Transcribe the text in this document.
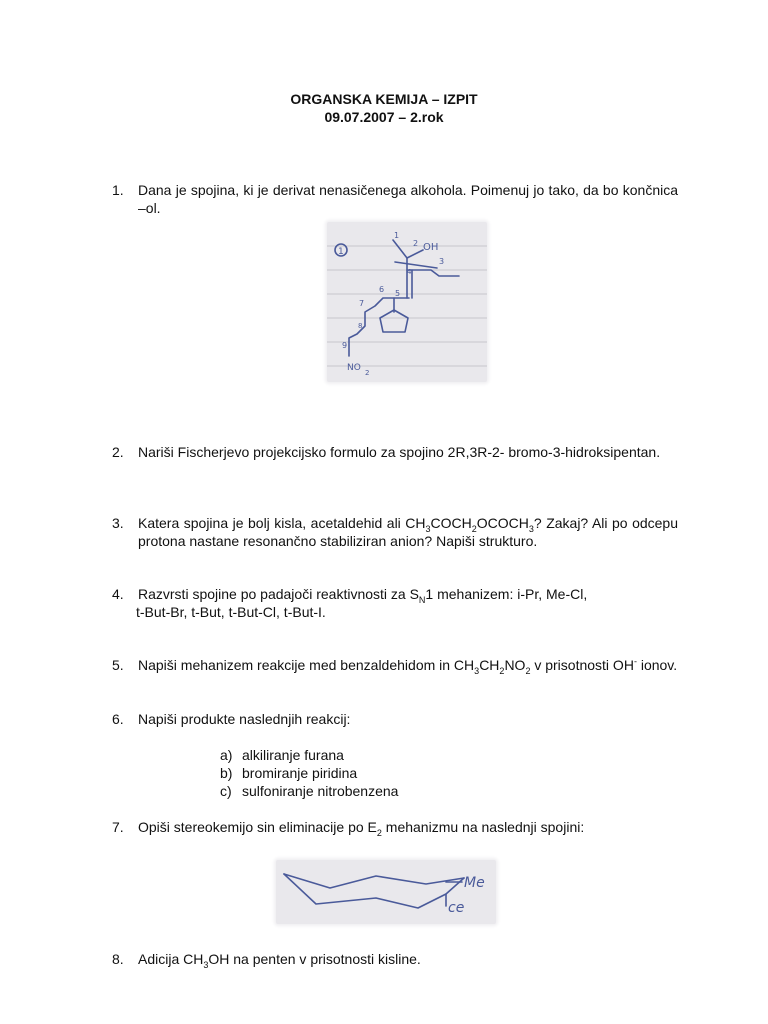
ORGANSKA KEMIJA – IZPIT
09.07.2007 – 2.rok
1.	Dana je spojina, ki je derivat nenasičenega alkohola. Poimenuj jo tako, da bo končnica –ol.
1
1
2 OH
3
4
5
6
7
8
9
NO 2
2.	Nariši Fischerjevo projekcijsko formulo za spojino 2R,3R-2- bromo-3-hidroksipentan.
3.	Katera spojina je bolj kisla, acetaldehid ali $CH_3COCH_2OCOCH_3$? Zakaj? Ali po odcepu protona nastane resonančno stabiliziran anion? Napiši strukturo.
4.	Razvrsti spojine po padajoči reaktivnosti za $S_N1$ mehanizem: i-Pr, Me-Cl,
t-But-Br, t-But, t-But-Cl, t-But-I.
5.	Napiši mehanizem reakcije med benzaldehidom in $CH_3CH_2NO_2$ v prisotnosti OH- ionov.
6.	Napiši produkte naslednjih reakcij:
a) alkiliranje furana
b) bromiranje piridina
c) sulfoniranje nitrobenzena
7.	Opiši stereokemijo sin eliminacije po $E_2$ mehanizmu na naslednji spojini:
Me
ce
8.	Adicija $CH_3OH$ na penten v prisotnosti kisline.
